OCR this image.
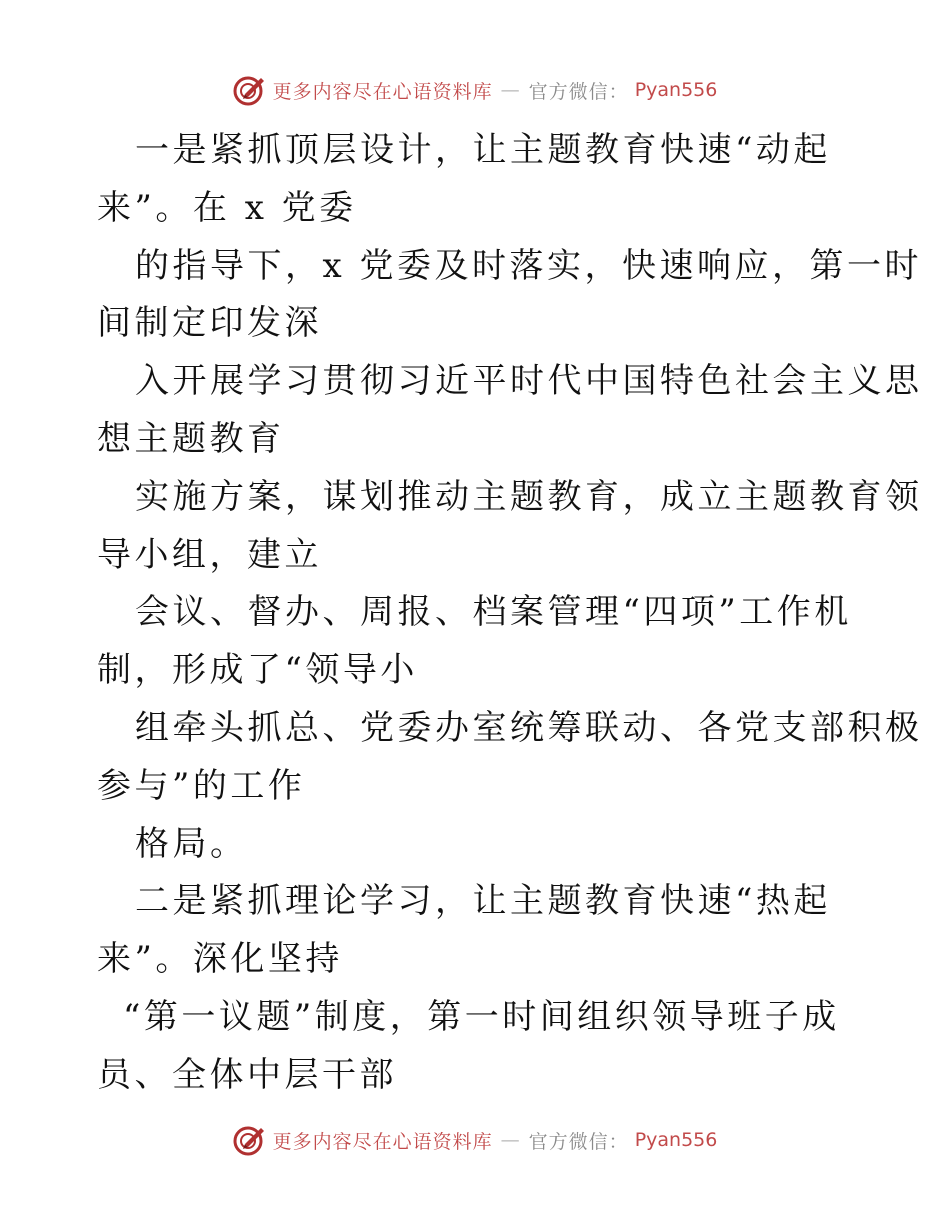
更多内容尽在心语资料库 — 官方微信： Pyan556
一是紧抓顶层设计，让主题教育快速“动起
来”。在 x 党委
的指导下，x 党委及时落实，快速响应，第一时
间制定印发深
入开展学习贯彻习近平时代中国特色社会主义思
想主题教育
实施方案，谋划推动主题教育，成立主题教育领
导小组，建立
会议、督办、周报、档案管理“四项”工作机
制，形成了“领导小
组牵头抓总、党委办室统筹联动、各党支部积极
参与”的工作
格局。
二是紧抓理论学习，让主题教育快速“热起
来”。深化坚持
“第一议题”制度，第一时间组织领导班子成
员、全体中层干部
更多内容尽在心语资料库 — 官方微信： Pyan556
